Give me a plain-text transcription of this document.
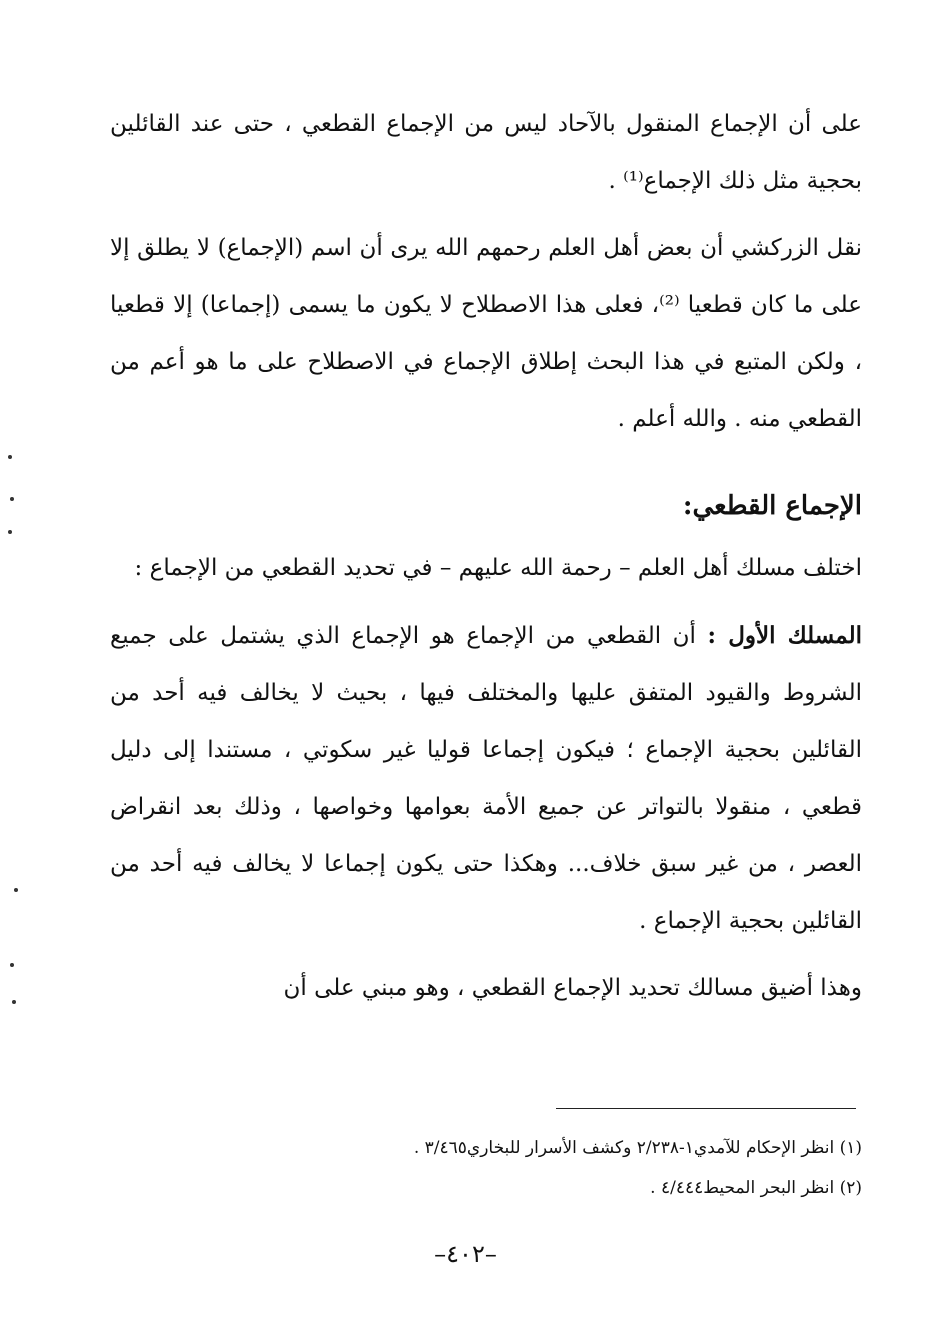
على أن الإجماع المنقول بالآحاد ليس من الإجماع القطعي ، حتى عند القائلين بحجية مثل ذلك الإجماع⁽¹⁾ .

نقل الزركشي أن بعض أهل العلم رحمهم الله يرى أن اسم (الإجماع) لا يطلق إلا على ما كان قطعيا ⁽²⁾، فعلى هذا الاصطلاح لا يكون ما يسمى (إجماعا) إلا قطعيا ، ولكن المتبع في هذا البحث إطلاق الإجماع في الاصطلاح على ما هو أعم من القطعي منه . والله أعلم .

الإجماع القطعي:

اختلف مسلك أهل العلم – رحمة الله عليهم – في تحديد القطعي من الإجماع :

المسلك الأول : أن القطعي من الإجماع هو الإجماع الذي يشتمل على جميع الشروط والقيود المتفق عليها والمختلف فيها ، بحيث لا يخالف فيه أحد من القائلين بحجية الإجماع ؛ فيكون إجماعا قوليا غير سكوتي ، مستندا إلى دليل قطعي ، منقولا بالتواتر عن جميع الأمة بعوامها وخواصها ، وذلك بعد انقراض العصر ، من غير سبق خلاف... وهكذا حتى يكون إجماعا لا يخالف فيه أحد من القائلين بحجية الإجماع .

وهذا أضيق مسالك تحديد الإجماع القطعي ، وهو مبني على أن

(١) انظر الإحكام للآمدي١-٢/٢٣٨ وكشف الأسرار للبخاري٣/٤٦٥ .

(٢) انظر البحر المحيط٤/٤٤٤ .

–٤٠٢–
